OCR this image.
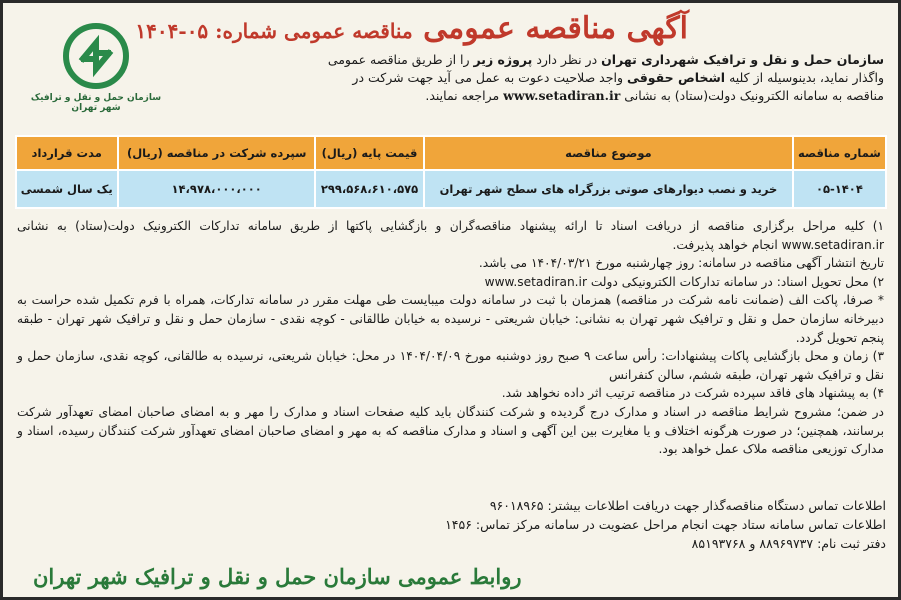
آگهی مناقصه عمومی مناقصه عمومی شماره: ۰۵-۱۴۰۴
سازمان حمل و نقل و ترافیک شهر تهران
سازمان حمل و نقل و ترافیک شهرداری تهران در نظر دارد پروژه زیر را از طریق مناقصه عمومی
واگذار نماید، بدینوسیله از کلیه اشخاص حقوقی واجد صلاحیت دعوت به عمل می آید جهت شرکت در
مناقصه به سامانه الکترونیک دولت(ستاد) به نشانی www.setadiran.ir مراجعه نمایند.
شماره مناقصه	موضوع مناقصه	قیمت پایه (ریال)	سپرده شرکت در مناقصه (ریال)	مدت قرارداد
۰۵-۱۴۰۴	خرید و نصب دیوارهای صوتی بزرگراه های سطح شهر تهران	۲۹۹،۵۶۸،۶۱۰،۵۷۵	۱۴،۹۷۸،۰۰۰،۰۰۰	یک سال شمسی

۱) کلیه مراحل برگزاری مناقصه از دریافت اسناد تا ارائه پیشنهاد مناقصه‌گران و بازگشایی پاکتها از طریق سامانه تدارکات الکترونیک دولت(ستاد) به نشانی www.setadiran.ir انجام خواهد پذیرفت.

تاریخ انتشار آگهی مناقصه در سامانه: روز چهارشنبه مورخ ۱۴۰۴/۰۳/۲۱ می باشد.

۲) محل تحویل اسناد: در سامانه تدارکات الکترونیکی دولت www.setadiran.ir

* صرفا، پاکت الف (ضمانت نامه شرکت در مناقصه) همزمان با ثبت در سامانه دولت میبایست طی مهلت مقرر در سامانه تدارکات، همراه با فرم تکمیل شده حراست به دبیرخانه سازمان حمل و نقل و ترافیک شهر تهران به نشانی: خیابان شریعتی - نرسیده به خیابان طالقانی - کوچه نقدی - سازمان حمل و نقل و ترافیک شهر تهران - طبقه پنجم تحویل گردد.

۳) زمان و محل بازگشایی پاکات پیشنهادات: رأس ساعت ۹ صبح روز دوشنبه مورخ ۱۴۰۴/۰۴/۰۹ در محل: خیابان شریعتی، نرسیده به طالقانی، کوچه نقدی، سازمان حمل و نقل و ترافیک شهر تهران، طبقه ششم، سالن کنفرانس

۴) به پیشنهاد های فاقد سپرده شرکت در مناقصه ترتیب اثر داده نخواهد شد.

در ضمن؛ مشروح شرایط مناقصه در اسناد و مدارک درج گردیده و شرکت کنندگان باید کلیه صفحات اسناد و مدارک را مهر و به امضای صاحبان امضای تعهدآور شرکت برسانند، همچنین؛ در صورت هرگونه اختلاف و یا مغایرت بین این آگهی و اسناد و مدارک مناقصه که به مهر و امضای صاحبان امضای تعهدآور شرکت کنندگان رسیده، اسناد و مدارک توزیعی مناقصه ملاک عمل خواهد بود.

اطلاعات تماس دستگاه مناقصه‌گذار جهت دریافت اطلاعات بیشتر: ۹۶۰۱۸۹۶۵
اطلاعات تماس سامانه ستاد جهت انجام مراحل عضویت در سامانه مرکز تماس: ۱۴۵۶
دفتر ثبت نام: ۸۸۹۶۹۷۳۷ و ۸۵۱۹۳۷۶۸
روابط عمومی سازمان حمل و نقل و ترافیک شهر تهران
